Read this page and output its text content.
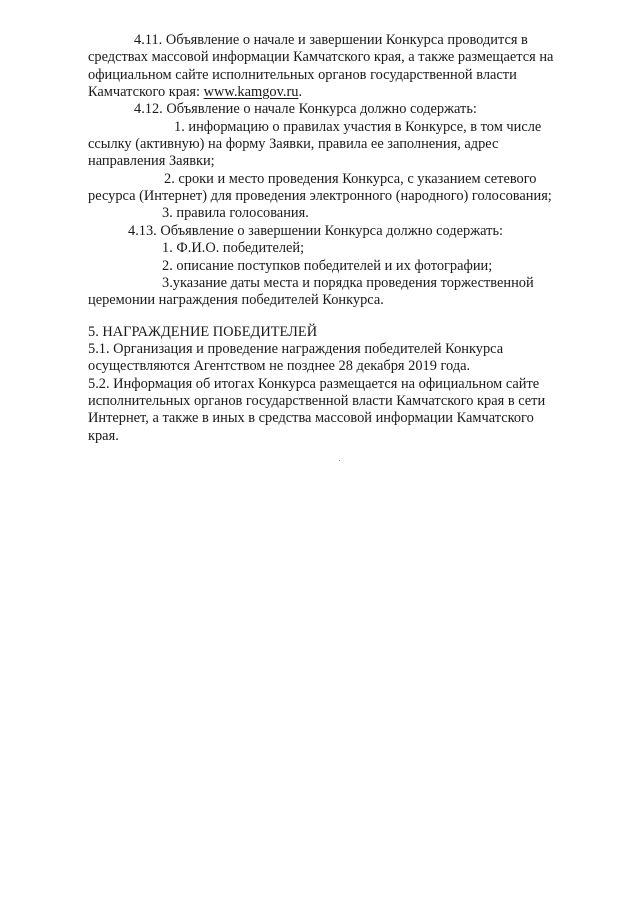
4.11. Объявление о начале и завершении Конкурса проводится в
средствах массовой информации Камчатского края, а также размещается на
официальном сайте исполнительных органов государственной власти
Камчатского края: www.kamgov.ru.
4.12. Объявление о начале Конкурса должно содержать:
1. информацию о правилах участия в Конкурсе, в том числе
ссылку (активную) на форму Заявки, правила ее заполнения, адрес
направления Заявки;
2. сроки и место проведения Конкурса, с указанием сетевого
ресурса (Интернет) для проведения электронного (народного) голосования;
3. правила голосования.
4.13. Объявление о завершении Конкурса должно содержать:
1. Ф.И.О. победителей;
2. описание поступков победителей и их фотографии;
3.указание даты места и порядка проведения торжественной
церемонии награждения победителей Конкурса.
5. НАГРАЖДЕНИЕ ПОБЕДИТЕЛЕЙ
5.1. Организация и проведение награждения победителей Конкурса
осуществляются Агентством не позднее 28 декабря 2019 года.
5.2. Информация об итогах Конкурса размещается на официальном сайте
исполнительных органов государственной власти Камчатского края в сети
Интернет, а также в иных в средства массовой информации Камчатского
края.
